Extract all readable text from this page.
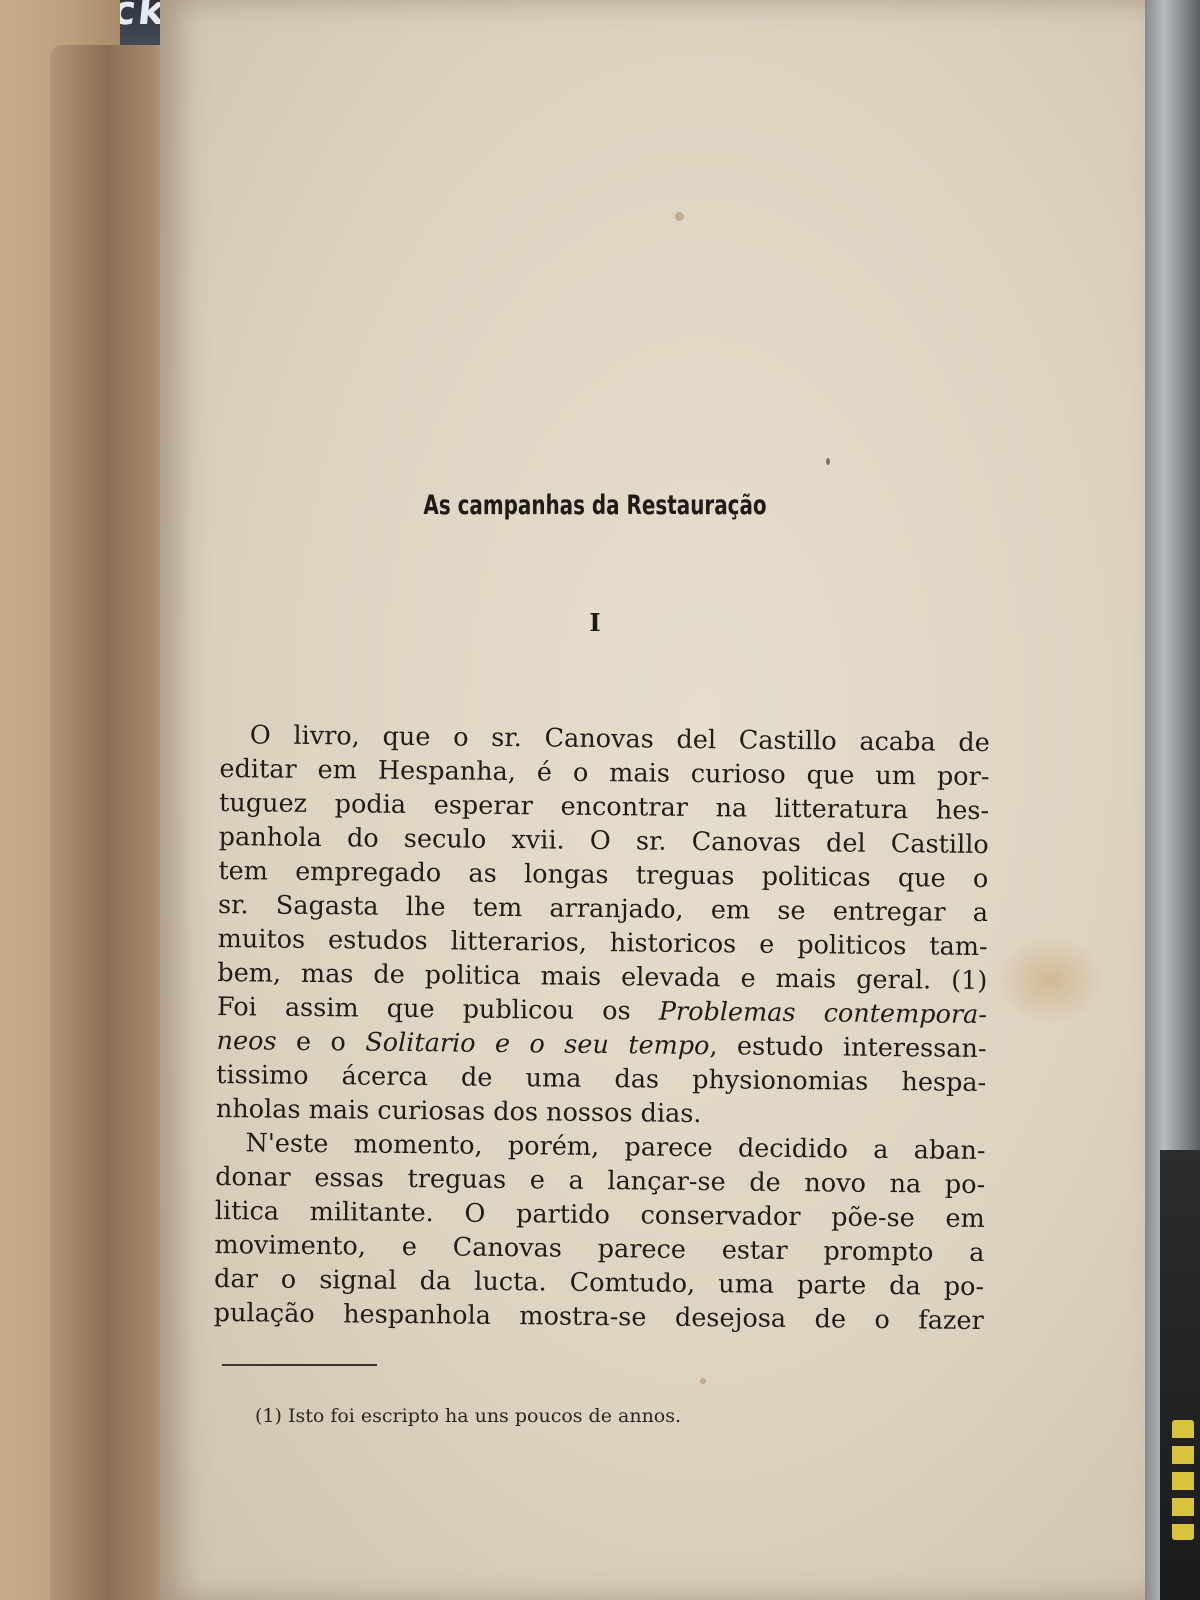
As campanhas da Restauração
I
O livro, que o sr. Canovas del Castillo acaba de
editar em Hespanha, é o mais curioso que um por-
tuguez podia esperar encontrar na litteratura hes-
panhola do seculo xvii. O sr. Canovas del Castillo
tem empregado as longas treguas politicas que o
sr. Sagasta lhe tem arranjado, em se entregar a
muitos estudos litterarios, historicos e politicos tam-
bem, mas de politica mais elevada e mais geral. (1)
Foi assim que publicou os Problemas contempora-
neos e o Solitario e o seu tempo, estudo interessan-
tissimo ácerca de uma das physionomias hespa-
nholas mais curiosas dos nossos dias.
N'este momento, porém, parece decidido a aban-
donar essas treguas e a lançar-se de novo na po-
litica militante. O partido conservador põe-se em
movimento, e Canovas parece estar prompto a
dar o signal da lucta. Comtudo, uma parte da po-
pulação hespanhola mostra-se desejosa de o fazer
(1) Isto foi escripto ha uns poucos de annos.
